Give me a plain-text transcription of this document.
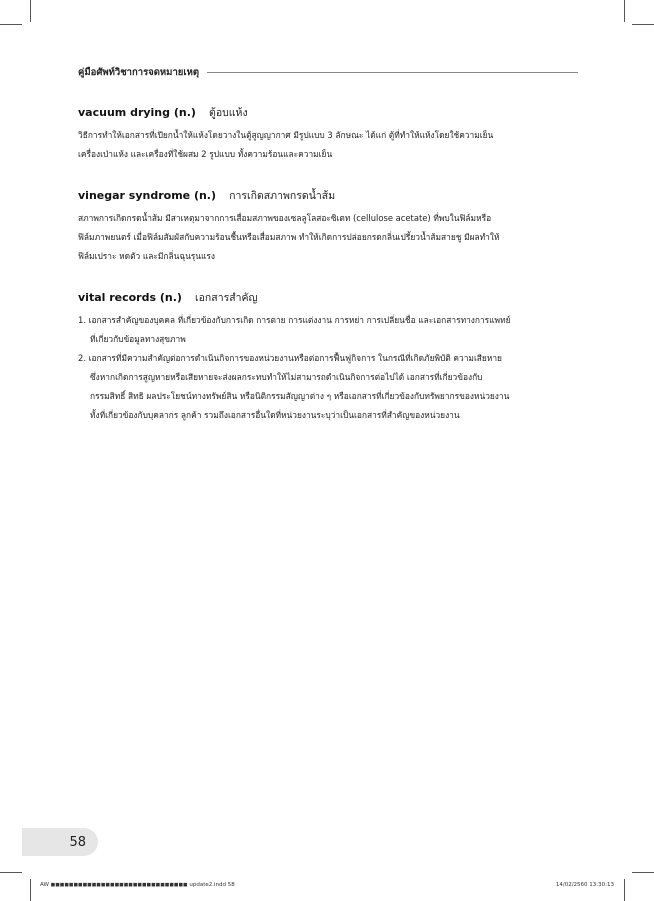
คู่มือศัพท์วิชาการจดหมายเหตุ
vacuum drying (n.) ตู้อบแห้ง
วิธีการทำให้เอกสารที่เปียกน้ำให้แห้งโดยวางในตู้สูญญากาศ มีรูปแบบ 3 ลักษณะ ได้แก่ ตู้ที่ทำให้แห้งโดยใช้ความเย็น
เครื่องเป่าแห้ง และเครื่องที่ใช้ผสม 2 รูปแบบ ทั้งความร้อนและความเย็น
vinegar syndrome (n.) การเกิดสภาพกรดน้ำส้ม
สภาพการเกิดกรดน้ำส้ม มีสาเหตุมาจากการเสื่อมสภาพของเซลลูโลสอะซิเตท (cellulose acetate) ที่พบในฟิล์มหรือ
ฟิล์มภาพยนตร์ เมื่อฟิล์มสัมผัสกับความร้อนชื้นหรือเสื่อมสภาพ ทำให้เกิดการปล่อยกรดกลิ่นเปรี้ยวน้ำส้มสายชู มีผลทำให้
ฟิล์มเปราะ หดตัว และมีกลิ่นฉุนรุนแรง
vital records (n.) เอกสารสำคัญ
1. เอกสารสำคัญของบุคคล ที่เกี่ยวข้องกับการเกิด การตาย การแต่งงาน การหย่า การเปลี่ยนชื่อ และเอกสารทางการแพทย์
ที่เกี่ยวกับข้อมูลทางสุขภาพ
2. เอกสารที่มีความสำคัญต่อการดำเนินกิจการของหน่วยงานหรือต่อการฟื้นฟูกิจการ ในกรณีที่เกิดภัยพิบัติ ความเสียหาย
ซึ่งหากเกิดการสูญหายหรือเสียหายจะส่งผลกระทบทำให้ไม่สามารถดำเนินกิจการต่อไปได้ เอกสารที่เกี่ยวข้องกับ
กรรมสิทธิ์ สิทธิ ผลประโยชน์ทางทรัพย์สิน หรือนิติกรรมสัญญาต่าง ๆ หรือเอกสารที่เกี่ยวข้องกับทรัพยากรของหน่วยงาน
ทั้งที่เกี่ยวข้องกับบุคลากร ลูกค้า รวมถึงเอกสารอื่นใดที่หน่วยงานระบุว่าเป็นเอกสารที่สำคัญของหน่วยงาน
58
AW ◼◼◼◼◼◼◼◼◼◼◼◼◼◼◼◼◼◼◼◼◼◼◼◼◼◼◼◼◼◼ update2.indd 58	14/02/2560 13:30:13
